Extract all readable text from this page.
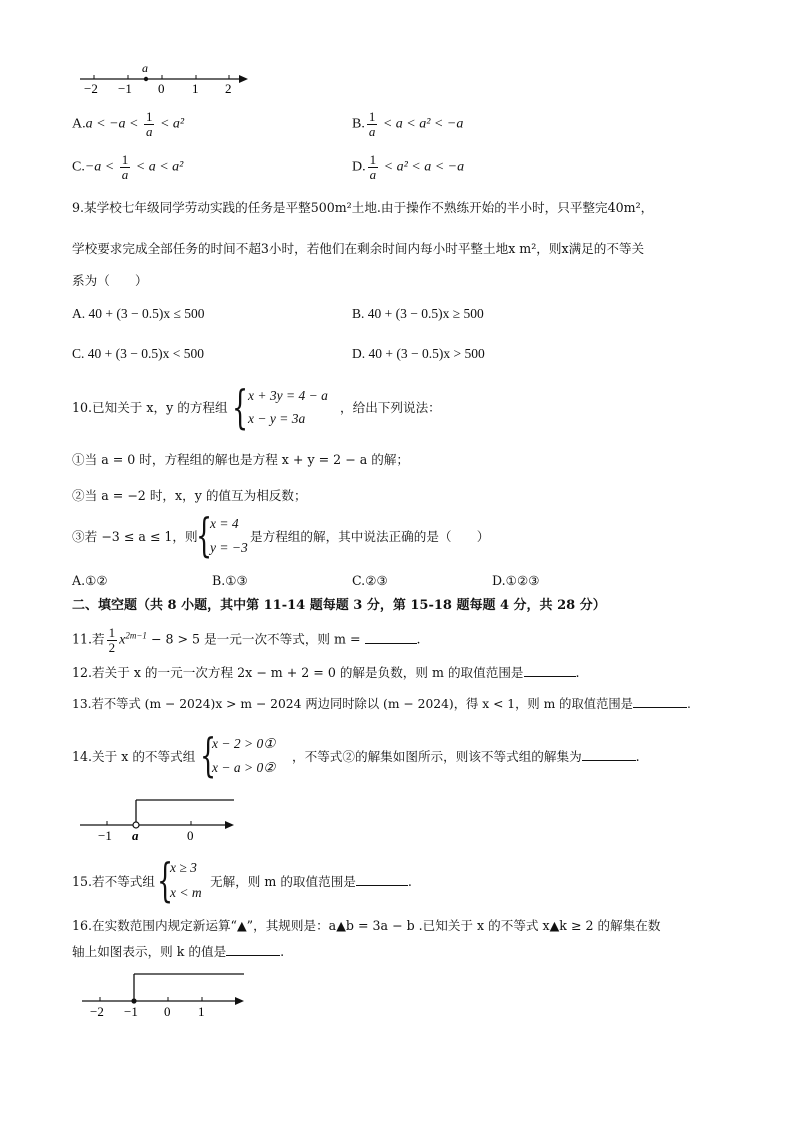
−2 −1
a
0 1 2
$A.a < -a < \frac{1}{a} < a^2$	B. $\frac{1}{a} < a < a^2 < -a$
$C.-a < \frac{1}{a} < a < a^2$	D. $\frac{1}{a} < a^2 < a < -a$
9.某学校七年级同学劳动实践的任务是平整500m²土地.由于操作不熟练开始的半小时，只平整完40m²，
学校要求完成全部任务的时间不超3小时，若他们在剩余时间内每小时平整土地x m²，则x满足的不等关
系为（　　）
A. 40 + (3 − 0.5)x ≤ 500	B. 40 + (3 − 0.5)x ≥ 500
C. 40 + (3 − 0.5)x < 500	D. 40 + (3 − 0.5)x > 500
10.已知关于 x，y 的方程组 { x + 3y = 4 − a
x − y = 3a
，给出下列说法：
①当 a = 0 时，方程组的解也是方程 x + y = 2 − a 的解；
②当 a = −2 时，x，y 的值互为相反数；
③若 −3 ≤ a ≤ 1，则
{
x = 4
y = −3
是方程组的解，其中说法正确的是（　　）
A.①②	B.①③	C.②③	D.①②③
二、填空题（共 8 小题，其中第 11-14 题每题 3 分，第 15-18 题每题 4 分，共 28 分）
11.若 $\frac{1}{2} x^{2m-1} - 8 > 5$ 是一元一次不等式，则 m =	.
12.若关于 x 的一元一次方程 2x − m + 2 = 0 的解是负数，则 m 的取值范围是	.
13.若不等式 (m − 2024)x > m − 2024 两边同时除以 (m − 2024)，得 x < 1，则 m 的取值范围是	.
14.关于 x 的不等式组 {
x − 2 > 0①
x − a > 0②
，不等式②的解集如图所示，则该不等式组的解集为	.
−1 a	0
15.若不等式组 {
x ≥ 3
x < m
无解，则 m 的取值范围是	.
16.在实数范围内规定新运算“▲”，其规则是：a▲b = 3a − b .已知关于 x 的不等式 x▲k ≥ 2 的解集在数
轴上如图表示，则 k 的值是	.
−2 −1 0 1
